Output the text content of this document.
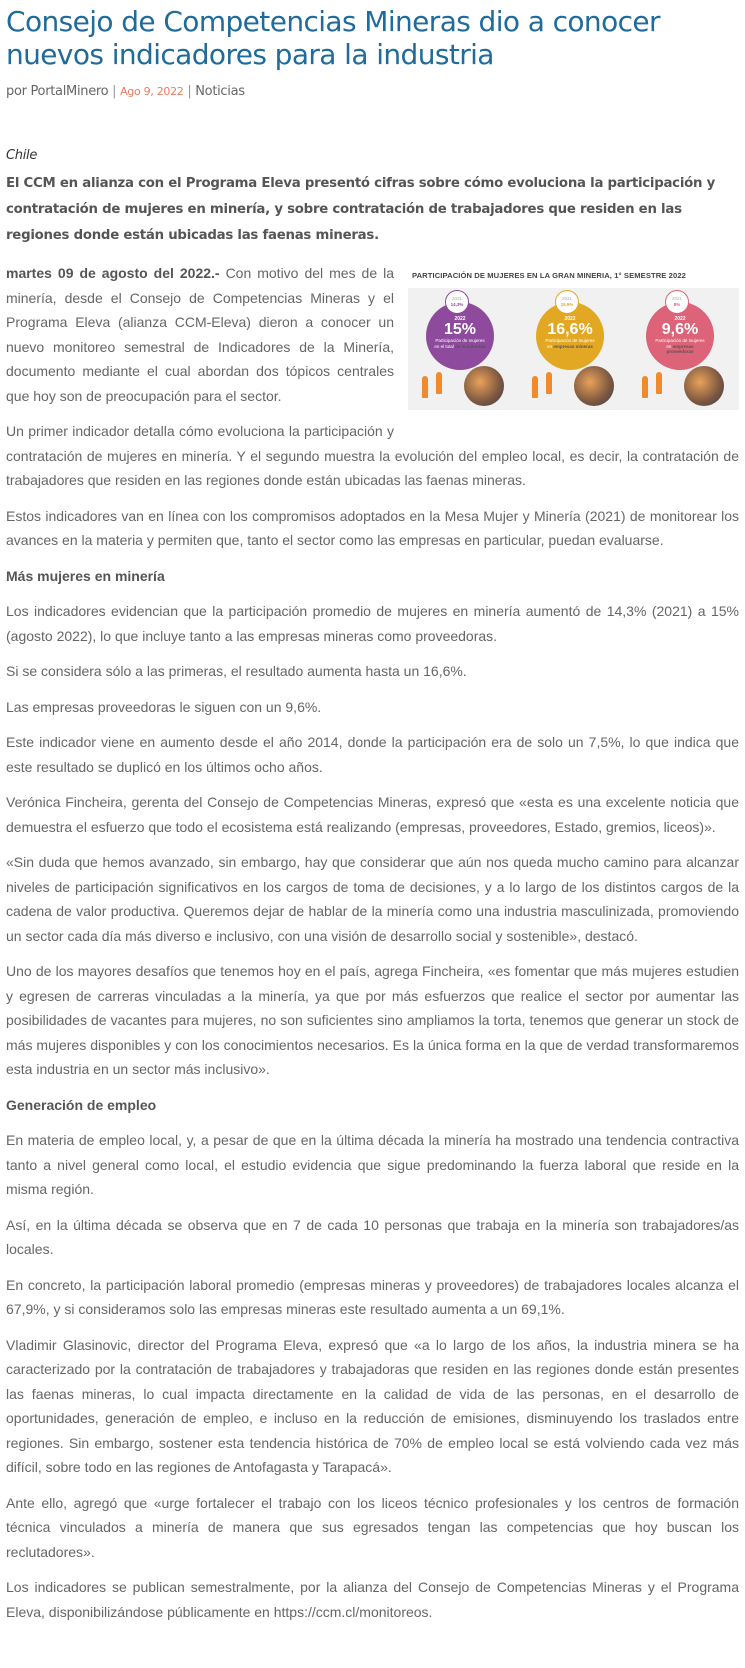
Consejo de Competencias Mineras dio a conocer nuevos indicadores para la industria
por PortalMinero | Ago 9, 2022 | Noticias
Chile
El CCM en alianza con el Programa Eleva presentó cifras sobre cómo evoluciona la participación y contratación de mujeres en minería, y sobre contratación de trabajadores que residen en las regiones donde están ubicadas las faenas mineras.
PARTICIPACIÓN DE MUJERES EN LA GRAN MINERIA, 1° SEMESTRE 2022
2022
15%
Participación de mujeres en el total de la industria
2021
14,3%
2022
16,6%
Participación de mujeres en empresas mineras
2021
15,5%
2022
9,6%
Participación de mujeres en empresas proveedoras
2021
8%

martes 09 de agosto del 2022.- Con motivo del mes de la minería, desde el Consejo de Competencias Mineras y el Programa Eleva (alianza CCM-Eleva) dieron a conocer un nuevo monitoreo semestral de Indicadores de la Minería, documento mediante el cual abordan dos tópicos centrales que hoy son de preocupación para el sector.

Un primer indicador detalla cómo evoluciona la participación y contratación de mujeres en minería. Y el segundo muestra la evolución del empleo local, es decir, la contratación de trabajadores que residen en las regiones donde están ubicadas las faenas mineras.

Estos indicadores van en línea con los compromisos adoptados en la Mesa Mujer y Minería (2021) de monitorear los avances en la materia y permiten que, tanto el sector como las empresas en particular, puedan evaluarse.

Más mujeres en minería

Los indicadores evidencian que la participación promedio de mujeres en minería aumentó de 14,3% (2021) a 15% (agosto 2022), lo que incluye tanto a las empresas mineras como proveedoras.

Si se considera sólo a las primeras, el resultado aumenta hasta un 16,6%.

Las empresas proveedoras le siguen con un 9,6%.

Este indicador viene en aumento desde el año 2014, donde la participación era de solo un 7,5%, lo que indica que este resultado se duplicó en los últimos ocho años.

Verónica Fincheira, gerenta del Consejo de Competencias Mineras, expresó que «esta es una excelente noticia que demuestra el esfuerzo que todo el ecosistema está realizando (empresas, proveedores, Estado, gremios, liceos)».

«Sin duda que hemos avanzado, sin embargo, hay que considerar que aún nos queda mucho camino para alcanzar niveles de participación significativos en los cargos de toma de decisiones, y a lo largo de los distintos cargos de la cadena de valor productiva. Queremos dejar de hablar de la minería como una industria masculinizada, promoviendo un sector cada día más diverso e inclusivo, con una visión de desarrollo social y sostenible», destacó.

Uno de los mayores desafíos que tenemos hoy en el país, agrega Fincheira, «es fomentar que más mujeres estudien y egresen de carreras vinculadas a la minería, ya que por más esfuerzos que realice el sector por aumentar las posibilidades de vacantes para mujeres, no son suficientes sino ampliamos la torta, tenemos que generar un stock de más mujeres disponibles y con los conocimientos necesarios. Es la única forma en la que de verdad transformaremos esta industria en un sector más inclusivo».

Generación de empleo

En materia de empleo local, y, a pesar de que en la última década la minería ha mostrado una tendencia contractiva tanto a nivel general como local, el estudio evidencia que sigue predominando la fuerza laboral que reside en la misma región.

Así, en la última década se observa que en 7 de cada 10 personas que trabaja en la minería son trabajadores/as locales.

En concreto, la participación laboral promedio (empresas mineras y proveedores) de trabajadores locales alcanza el 67,9%, y si consideramos solo las empresas mineras este resultado aumenta a un 69,1%.

Vladimir Glasinovic, director del Programa Eleva, expresó que «a lo largo de los años, la industria minera se ha caracterizado por la contratación de trabajadores y trabajadoras que residen en las regiones donde están presentes las faenas mineras, lo cual impacta directamente en la calidad de vida de las personas, en el desarrollo de oportunidades, generación de empleo, e incluso en la reducción de emisiones, disminuyendo los traslados entre regiones. Sin embargo, sostener esta tendencia histórica de 70% de empleo local se está volviendo cada vez más difícil, sobre todo en las regiones de Antofagasta y Tarapacá».

Ante ello, agregó que «urge fortalecer el trabajo con los liceos técnico profesionales y los centros de formación técnica vinculados a minería de manera que sus egresados tengan las competencias que hoy buscan los reclutadores».

Los indicadores se publican semestralmente, por la alianza del Consejo de Competencias Mineras y el Programa Eleva, disponibilizándose públicamente en https://ccm.cl/monitoreos.
